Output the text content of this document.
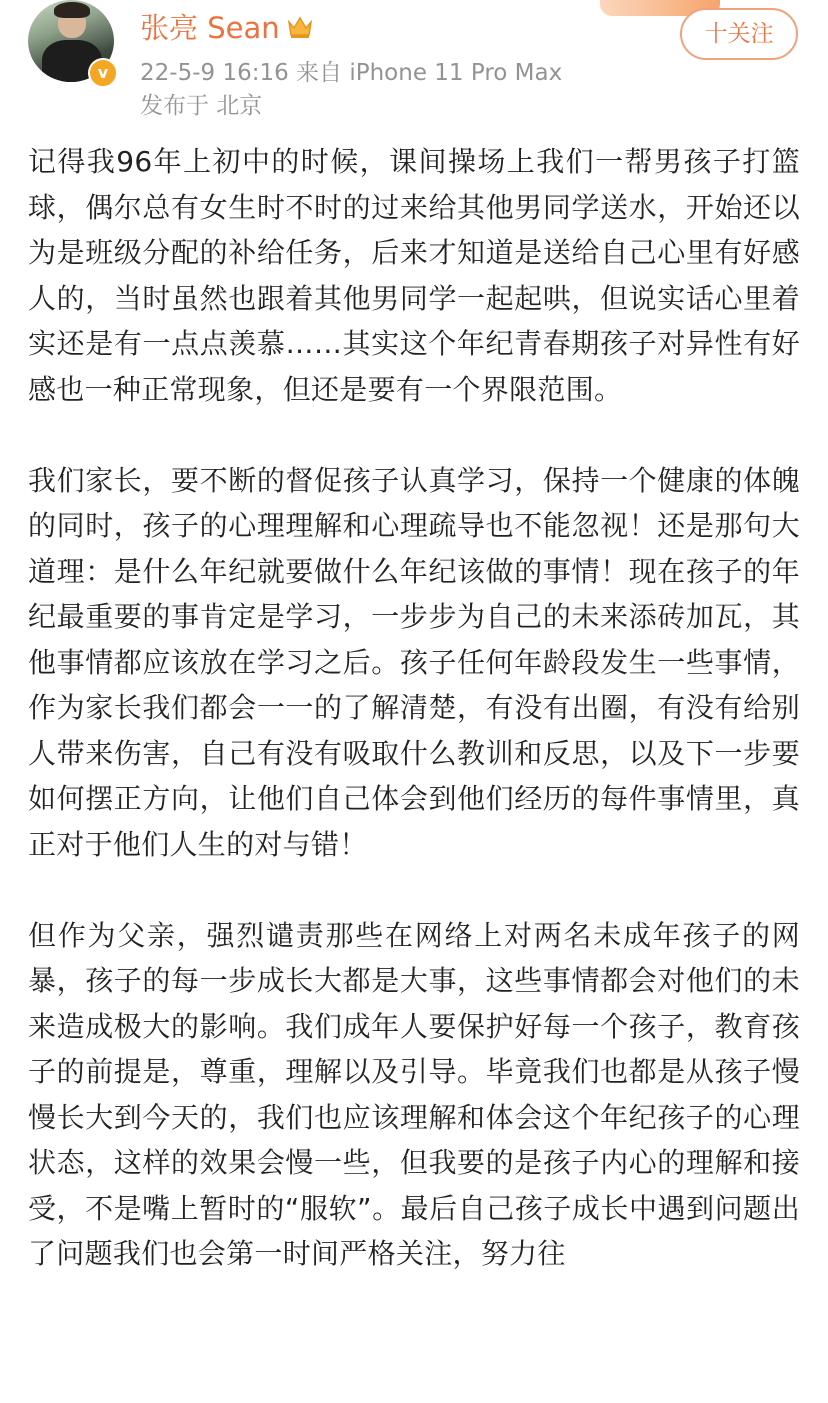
v
张亮 Sean
22-5-9 16:16 来自 iPhone 11 Pro Max
发布于 北京
十关注

记得我96年上初中的时候，课间操场上我们一帮男孩子打篮球，偶尔总有女生时不时的过来给其他男同学送水，开始还以为是班级分配的补给任务，后来才知道是送给自己心里有好感人的，当时虽然也跟着其他男同学一起起哄，但说实话心里着实还是有一点点羡慕……其实这个年纪青春期孩子对异性有好感也一种正常现象，但还是要有一个界限范围。

我们家长，要不断的督促孩子认真学习，保持一个健康的体魄的同时，孩子的心理理解和心理疏导也不能忽视！还是那句大道理：是什么年纪就要做什么年纪该做的事情！现在孩子的年纪最重要的事肯定是学习，一步步为自己的未来添砖加瓦，其他事情都应该放在学习之后。孩子任何年龄段发生一些事情，作为家长我们都会一一的了解清楚，有没有出圈，有没有给别人带来伤害，自己有没有吸取什么教训和反思，以及下一步要如何摆正方向，让他们自己体会到他们经历的每件事情里，真正对于他们人生的对与错！

但作为父亲，强烈谴责那些在网络上对两名未成年孩子的网暴，孩子的每一步成长大都是大事，这些事情都会对他们的未来造成极大的影响。我们成年人要保护好每一个孩子，教育孩子的前提是，尊重，理解以及引导。毕竟我们也都是从孩子慢慢长大到今天的，我们也应该理解和体会这个年纪孩子的心理状态，这样的效果会慢一些，但我要的是孩子内心的理解和接受，不是嘴上暂时的“服软”。最后自己孩子成长中遇到问题出了问题我们也会第一时间严格关注，努力往
